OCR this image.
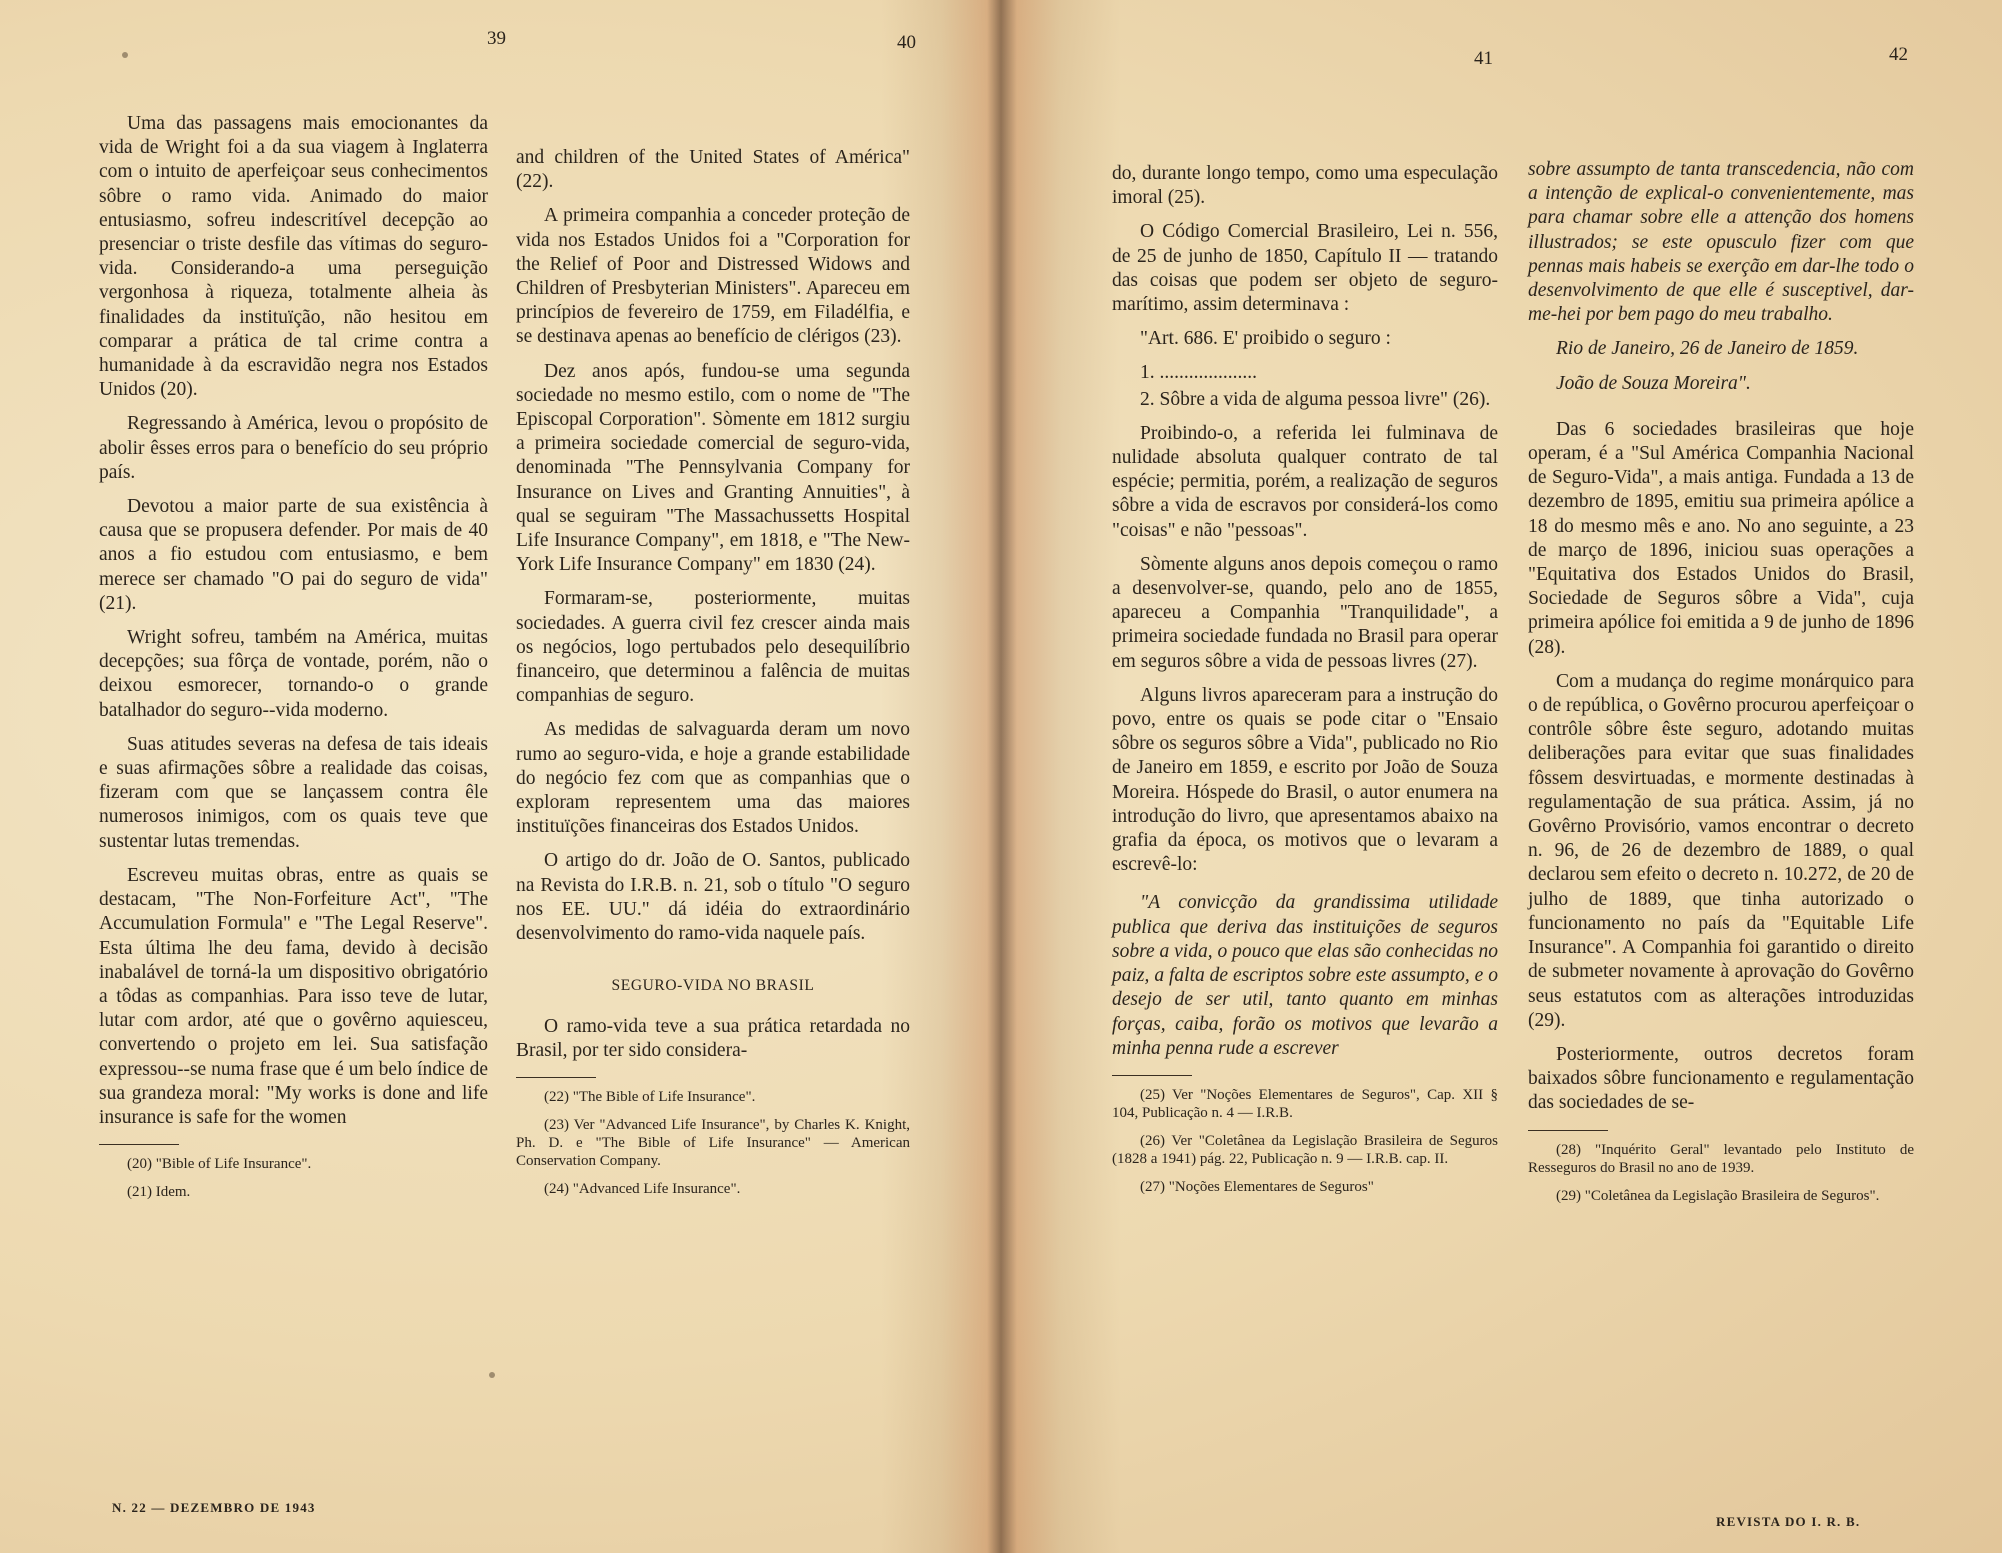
39

Uma das passagens mais emocionantes da vida de Wright foi a da sua viagem à Inglaterra com o intuito de aperfeiçoar seus conhecimentos sôbre o ramo vida. Animado do maior entusiasmo, sofreu indescritível decepção ao presenciar o triste desfile das vítimas do seguro-vida. Considerando-a uma perseguição vergonhosa à riqueza, totalmente alheia às finalidades da instituïção, não hesitou em comparar a prática de tal crime contra a humanidade à da escravidão negra nos Estados Unidos (20).

Regressando à América, levou o propósito de abolir êsses erros para o benefício do seu próprio país.

Devotou a maior parte de sua existência à causa que se propusera defender. Por mais de 40 anos a fio estudou com entusiasmo, e bem merece ser chamado "O pai do seguro de vida" (21).

Wright sofreu, também na América, muitas decepções; sua fôrça de vontade, porém, não o deixou esmorecer, tornando-o o grande batalhador do seguro--vida moderno.

Suas atitudes severas na defesa de tais ideais e suas afirmações sôbre a realidade das coisas, fizeram com que se lançassem contra êle numerosos inimigos, com os quais teve que sustentar lutas tremendas.

Escreveu muitas obras, entre as quais se destacam, "The Non-Forfeiture Act", "The Accumulation Formula" e "The Legal Reserve". Esta última lhe deu fama, devido à decisão inabalável de torná-la um dispositivo obrigatório a tôdas as companhias. Para isso teve de lutar, lutar com ardor, até que o govêrno aquiesceu, convertendo o projeto em lei. Sua satisfação expressou--se numa frase que é um belo índice de sua grandeza moral: "My works is done and life insurance is safe for the women

(20) "Bible of Life Insurance".

(21) Idem.

N. 22 — DEZEMBRO DE 1943
40

and children of the United States of América" (22).

A primeira companhia a conceder proteção de vida nos Estados Unidos foi a "Corporation for the Relief of Poor and Distressed Widows and Children of Presbyterian Ministers". Apareceu em princípios de fevereiro de 1759, em Filadélfia, e se destinava apenas ao benefício de clérigos (23).

Dez anos após, fundou-se uma segunda sociedade no mesmo estilo, com o nome de "The Episcopal Corporation". Sòmente em 1812 surgiu a primeira sociedade comercial de seguro-vida, denominada "The Pennsylvania Company for Insurance on Lives and Granting Annuities", à qual se seguiram "The Massachussetts Hospital Life Insurance Company", em 1818, e "The New-York Life Insurance Company" em 1830 (24).

Formaram-se, posteriormente, muitas sociedades. A guerra civil fez crescer ainda mais os negócios, logo pertubados pelo desequilíbrio financeiro, que determinou a falência de muitas companhias de seguro.

As medidas de salvaguarda deram um novo rumo ao seguro-vida, e hoje a grande estabilidade do negócio fez com que as companhias que o exploram representem uma das maiores instituïções financeiras dos Estados Unidos.

O artigo do dr. João de O. Santos, publicado na Revista do I.R.B. n. 21, sob o título "O seguro nos EE. UU." dá idéia do extraordinário desenvolvimento do ramo-vida naquele país.

SEGURO-VIDA NO BRASIL

O ramo-vida teve a sua prática retardada no Brasil, por ter sido considera-

(22) "The Bible of Life Insurance".

(23) Ver "Advanced Life Insurance", by Charles K. Knight, Ph. D. e "The Bible of Life Insurance" — American Conservation Company.

(24) "Advanced Life Insurance".

41

do, durante longo tempo, como uma especulação imoral (25).

O Código Comercial Brasileiro, Lei n. 556, de 25 de junho de 1850, Capítulo II — tratando das coisas que podem ser objeto de seguro-marítimo, assim determinava :

"Art. 686. E' proibido o seguro :

1. ....................

2. Sôbre a vida de alguma pessoa livre" (26).

Proibindo-o, a referida lei fulminava de nulidade absoluta qualquer contrato de tal espécie; permitia, porém, a realização de seguros sôbre a vida de escravos por considerá-los como "coisas" e não "pessoas".

Sòmente alguns anos depois começou o ramo a desenvolver-se, quando, pelo ano de 1855, apareceu a Companhia "Tranquilidade", a primeira sociedade fundada no Brasil para operar em seguros sôbre a vida de pessoas livres (27).

Alguns livros apareceram para a instrução do povo, entre os quais se pode citar o "Ensaio sôbre os seguros sôbre a Vida", publicado no Rio de Janeiro em 1859, e escrito por João de Souza Moreira. Hóspede do Brasil, o autor enumera na introdução do livro, que apresentamos abaixo na grafia da época, os motivos que o levaram a escrevê-lo:

"A convicção da grandissima utilidade publica que deriva das instituições de seguros sobre a vida, o pouco que elas são conhecidas no paiz, a falta de escriptos sobre este assumpto, e o desejo de ser util, tanto quanto em minhas forças, caiba, forão os motivos que levarão a minha penna rude a escrever

(25) Ver "Noções Elementares de Seguros", Cap. XII § 104, Publicação n. 4 — I.R.B.

(26) Ver "Coletânea da Legislação Brasileira de Seguros (1828 a 1941) pág. 22, Publicação n. 9 — I.R.B. cap. II.

(27) "Noções Elementares de Seguros"

42

sobre assumpto de tanta transcedencia, não com a intenção de explical-o convenientemente, mas para chamar sobre elle a attenção dos homens illustrados; se este opusculo fizer com que pennas mais habeis se exerção em dar-lhe todo o desenvolvimento de que elle é susceptivel, dar-me-hei por bem pago do meu trabalho.

Rio de Janeiro, 26 de Janeiro de 1859.

João de Souza Moreira".

Das 6 sociedades brasileiras que hoje operam, é a "Sul América Companhia Nacional de Seguro-Vida", a mais antiga. Fundada a 13 de dezembro de 1895, emitiu sua primeira apólice a 18 do mesmo mês e ano. No ano seguinte, a 23 de março de 1896, iniciou suas operações a "Equitativa dos Estados Unidos do Brasil, Sociedade de Seguros sôbre a Vida", cuja primeira apólice foi emitida a 9 de junho de 1896 (28).

Com a mudança do regime monárquico para o de república, o Govêrno procurou aperfeiçoar o contrôle sôbre êste seguro, adotando muitas deliberações para evitar que suas finalidades fôssem desvirtuadas, e mormente destinadas à regulamentação de sua prática. Assim, já no Govêrno Provisório, vamos encontrar o decreto n. 96, de 26 de dezembro de 1889, o qual declarou sem efeito o decreto n. 10.272, de 20 de julho de 1889, que tinha autorizado o funcionamento no país da "Equitable Life Insurance". A Companhia foi garantido o direito de submeter novamente à aprovação do Govêrno seus estatutos com as alterações introduzidas (29).

Posteriormente, outros decretos foram baixados sôbre funcionamento e regulamentação das sociedades de se-

(28) "Inquérito Geral" levantado pelo Instituto de Resseguros do Brasil no ano de 1939.

(29) "Coletânea da Legislação Brasileira de Seguros".

REVISTA DO I. R. B.
